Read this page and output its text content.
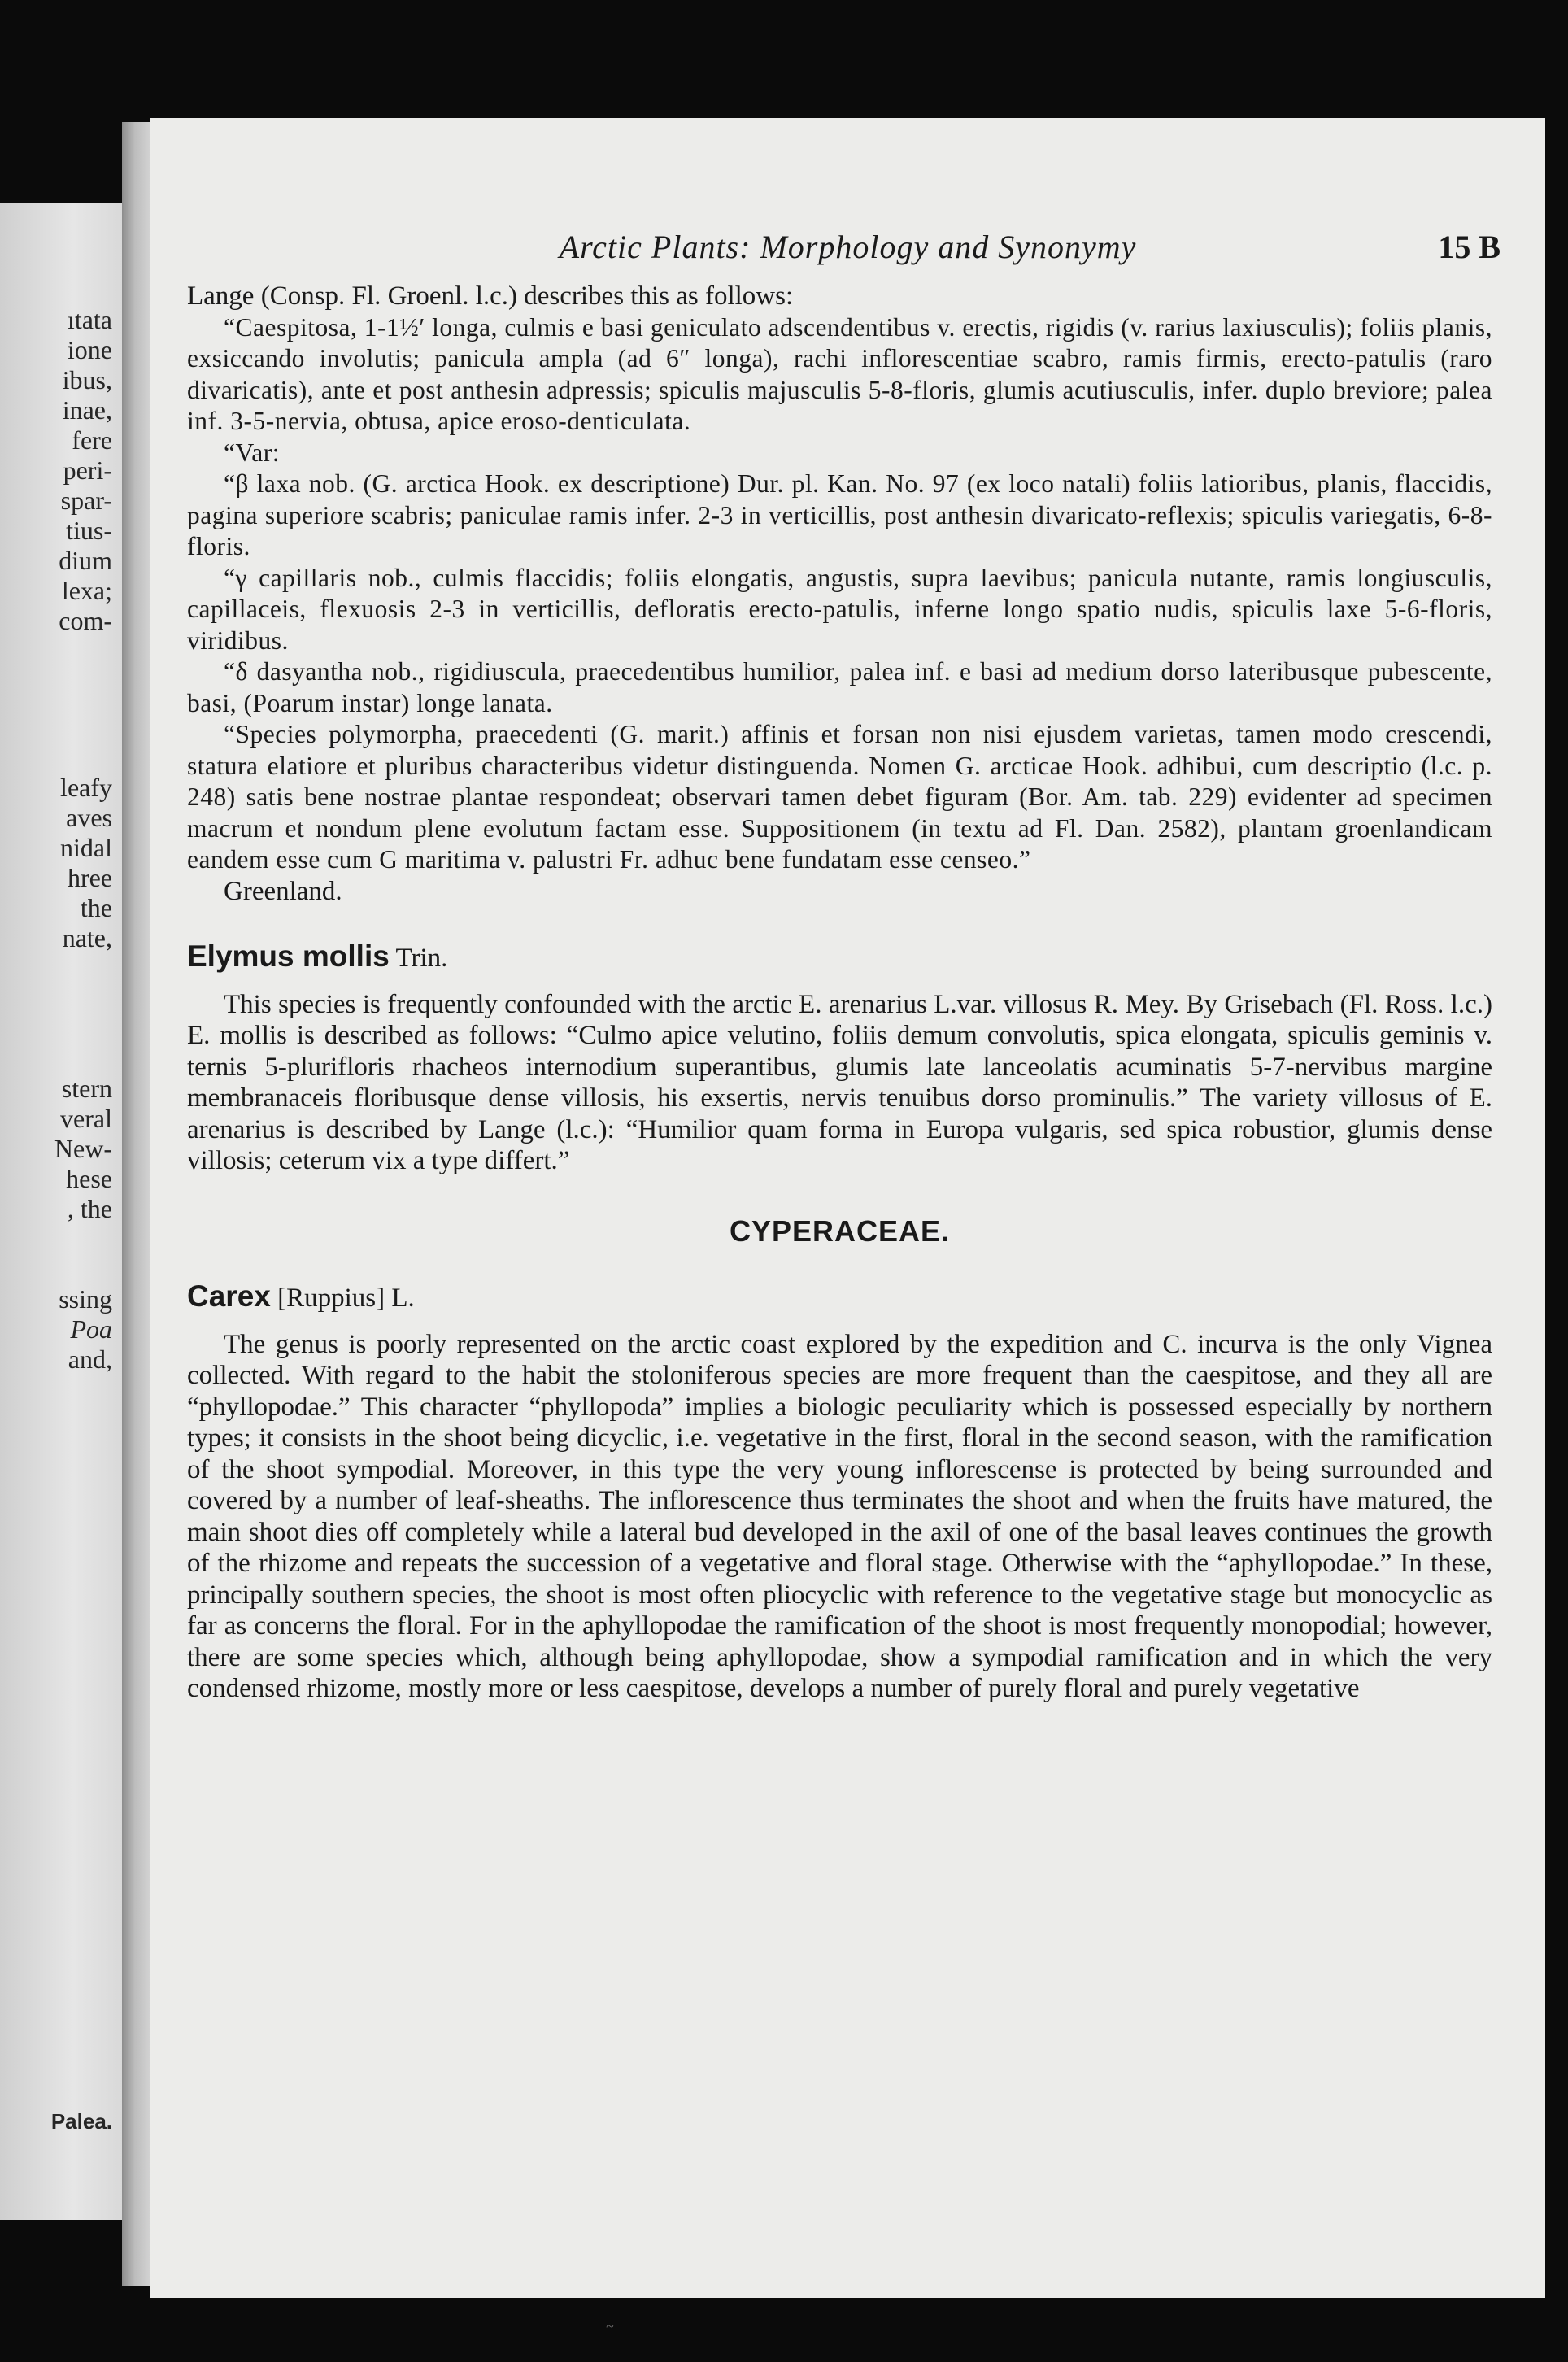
ıtata
ione
ibus,
inae,
fere
peri-
spar-
tius-
dium
lexa;
com-
leafy
aves
nidal
hree
the
nate,
stern
veral
New-
hese
, the
ssing
Poa
and,
Palea.
Arctic Plants: Morphology and Synonymy	15 B

Lange (Consp. Fl. Groenl. l.c.) describes this as follows:

“Caespitosa, 1-1½′ longa, culmis e basi geniculato adscendentibus v. erectis, rigidis (v. rarius laxiusculis); foliis planis, exsiccando involutis; panicula ampla (ad 6″ longa), rachi inflorescentiae scabro, ramis firmis, erecto-patulis (raro divaricatis), ante et post anthesin adpressis; spiculis majusculis 5-8-floris, glumis acutiusculis, infer. duplo breviore; palea inf. 3-5-nervia, obtusa, apice eroso-denticulata.

“Var:

“β laxa nob. (G. arctica Hook. ex descriptione) Dur. pl. Kan. No. 97 (ex loco natali) foliis latioribus, planis, flaccidis, pagina superiore scabris; paniculae ramis infer. 2-3 in verticillis, post anthesin divaricato-reflexis; spiculis variegatis, 6-8-floris.

“γ capillaris nob., culmis flaccidis; foliis elongatis, angustis, supra laevibus; panicula nutante, ramis longiusculis, capillaceis, flexuosis 2-3 in verticillis, defloratis erecto-patulis, inferne longo spatio nudis, spiculis laxe 5-6-floris, viridibus.

“δ dasyantha nob., rigidiuscula, praecedentibus humilior, palea inf. e basi ad medium dorso lateribusque pubescente, basi, (Poarum instar) longe lanata.

“Species polymorpha, praecedenti (G. marit.) affinis et forsan non nisi ejusdem varietas, tamen modo crescendi, statura elatiore et pluribus characteribus videtur distinguenda. Nomen G. arcticae Hook. adhibui, cum descriptio (l.c. p. 248) satis bene nostrae plantae respondeat; observari tamen debet figuram (Bor. Am. tab. 229) evidenter ad specimen macrum et nondum plene evolutum factam esse. Suppositionem (in textu ad Fl. Dan. 2582), plantam groenlandicam eandem esse cum G maritima v. palustri Fr. adhuc bene fundatam esse censeo.”

Greenland.

Elymus mollis Trin.

This species is frequently confounded with the arctic E. arenarius L.var. villosus R. Mey. By Grisebach (Fl. Ross. l.c.) E. mollis is described as follows: “Culmo apice velutino, foliis demum convolutis, spica elongata, spiculis geminis v. ternis 5-plurifloris rhacheos internodium superantibus, glumis late lanceolatis acuminatis 5-7-nervibus margine membranaceis floribusque dense villosis, his exsertis, nervis tenuibus dorso prominulis.” The variety villosus of E. arenarius is described by Lange (l.c.): “Humilior quam forma in Europa vulgaris, sed spica robustior, glumis dense villosis; ceterum vix a type differt.”

CYPERACEAE.

Carex [Ruppius] L.

The genus is poorly represented on the arctic coast explored by the expedition and C. incurva is the only Vignea collected. With regard to the habit the stoloniferous species are more frequent than the caespitose, and they all are “phyllopodae.” This character “phyllopoda” implies a biologic peculiarity which is possessed especially by northern types; it consists in the shoot being dicyclic, i.e. vegetative in the first, floral in the second season, with the ramification of the shoot sympodial. Moreover, in this type the very young inflorescense is protected by being surrounded and covered by a number of leaf-sheaths. The inflorescence thus terminates the shoot and when the fruits have matured, the main shoot dies off completely while a lateral bud developed in the axil of one of the basal leaves continues the growth of the rhizome and repeats the succession of a vegetative and floral stage. Otherwise with the “aphyllopodae.” In these, principally southern species, the shoot is most often pliocyclic with reference to the vegetative stage but monocyclic as far as concerns the floral. For in the aphyllopodae the ramification of the shoot is most frequently monopodial; however, there are some species which, although being aphyllopodae, show a sympodial ramification and in which the very condensed rhizome, mostly more or less caespitose, develops a number of purely floral and purely vegetative

~
